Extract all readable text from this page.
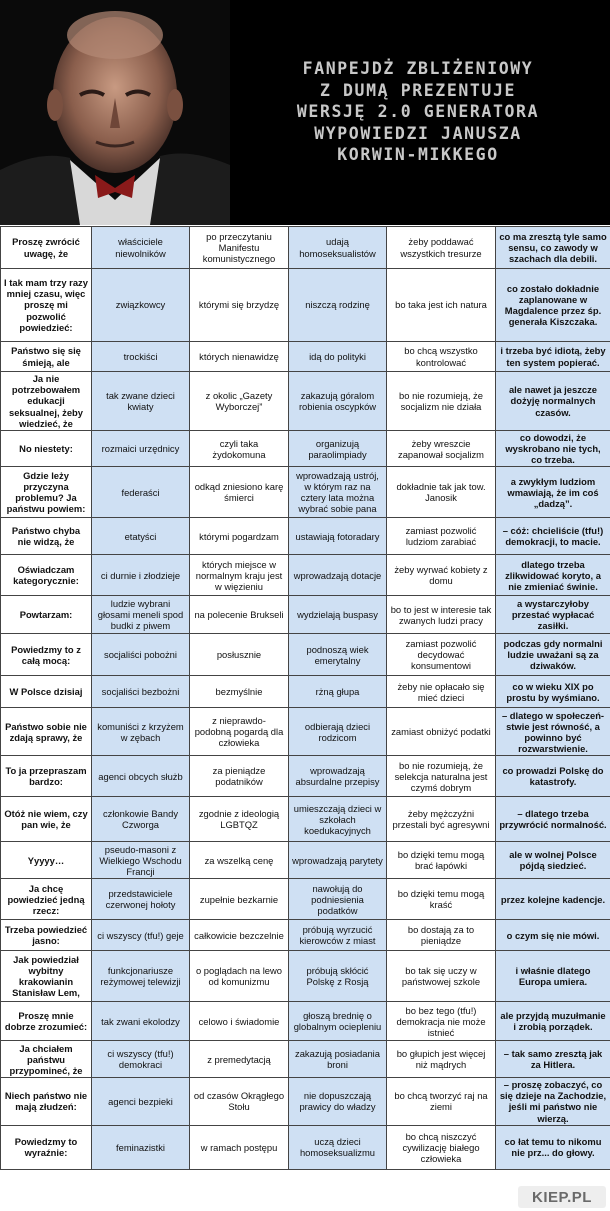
FANPEJDŻ ZBLIŻENIOWY
Z DUMĄ PREZENTUJE
WERSJĘ 2.0 GENERATORA
WYPOWIEDZI JANUSZA
KORWIN-MIKKEGO
Proszę zwrócić uwagę, że	właściciele niewolników	po przeczytaniu Manifestu komunistycznego	udają homoseksualistów	żeby poddawać wszystkich tresurze	co ma zresztą tyle samo sensu, co zawody w szachach dla debili.
I tak mam trzy razy mniej czasu, więc proszę mi pozwolić powiedzieć:	związkowcy	którymi się brzydzę	niszczą rodzinę	bo taka jest ich natura	co zostało dokładnie zaplanowane w Magdalence przez śp. generała Kiszczaka.
Państwo się się śmieją, ale	trockiści	których nienawidzę	idą do polityki	bo chcą wszystko kontrolować	i trzeba być idiotą, żeby ten system popierać.
Ja nie potrzebowałem edukacji seksualnej, żeby wiedzieć, że	tak zwane dzieci kwiaty	z okolic „Gazety Wyborczej”	zakazują góralom robienia oscypków	bo nie rozumieją, że socjalizm nie działa	ale nawet ja jeszcze dożyję normalnych czasów.
No niestety:	rozmaici urzędnicy	czyli taka żydokomuna	organizują paraolimpiady	żeby wreszcie zapanował socjalizm	co dowodzi, że wyskrobano nie tych, co trzeba.
Gdzie leży przyczyna problemu? Ja państwu powiem:	federaści	odkąd zniesiono karę śmierci	wprowadzają ustrój, w którym raz na cztery lata można wybrać sobie pana	dokładnie tak jak tow. Janosik	a zwykłym ludziom wmawiają, że im coś „dadzą”.
Państwo chyba nie widzą, że	etatyści	którymi pogardzam	ustawiają fotoradary	zamiast pozwolić ludziom zarabiać	– cóż: chcieliście (tfu!) demokracji, to macie.
Oświadczam kategorycznie:	ci durnie i złodzieje	których miejsce w normalnym kraju jest w więzieniu	wprowadzają dotacje	żeby wyrwać kobiety z domu	dlatego trzeba zlikwidować koryto, a nie zmieniać świnie.
Powtarzam:	ludzie wybrani głosami meneli spod budki z piwem	na polecenie Brukseli	wydzielają buspasy	bo to jest w interesie tak zwanych ludzi pracy	a wystarczyłoby przestać wypłacać zasiłki.
Powiedzmy to z całą mocą:	socjaliści pobożni	posłusznie	podnoszą wiek emerytalny	zamiast pozwolić decydować konsumentowi	podczas gdy normalni ludzie uważani są za dziwaków.
W Polsce dzisiaj	socjaliści bezbożni	bezmyślnie	rżną głupa	żeby nie opłacało się mieć dzieci	co w wieku XIX po prostu by wyśmiano.
Państwo sobie nie zdają sprawy, że	komuniści z krzyżem w zębach	z nieprawdo- podobną pogardą dla człowieka	odbierają dzieci rodzicom	zamiast obniżyć podatki	– dlatego w społeczeń- stwie jest równość, a powinno być rozwarstwienie.
To ja przepraszam bardzo:	agenci obcych służb	za pieniądze podatników	wprowadzają absurdalne przepisy	bo nie rozumieją, że selekcja naturalna jest czymś dobrym	co prowadzi Polskę do katastrofy.
Otóż nie wiem, czy pan wie, że	członkowie Bandy Czworga	zgodnie z ideologią LGBTQZ	umieszczają dzieci w szkołach koedukacyjnych	żeby mężczyźni przestali być agresywni	– dlatego trzeba przywrócić normalność.
Yyyyy…	pseudo-masoni z Wielkiego Wschodu Francji	za wszelką cenę	wprowadzają parytety	bo dzięki temu mogą brać łapówki	ale w wolnej Polsce pójdą siedzieć.
Ja chcę powiedzieć jedną rzecz:	przedstawiciele czerwonej hołoty	zupełnie bezkarnie	nawołują do podniesienia podatków	bo dzięki temu mogą kraść	przez kolejne kadencje.
Trzeba powiedzieć jasno:	ci wszyscy (tfu!) geje	całkowicie bezczelnie	próbują wyrzucić kierowców z miast	bo dostają za to pieniądze	o czym się nie mówi.
Jak powiedział wybitny krakowianin Stanisław Lem,	funkcjonariusze reżymowej telewizji	o poglądach na lewo od komunizmu	próbują skłócić Polskę z Rosją	bo tak się uczy w państwowej szkole	i właśnie dlatego Europa umiera.
Proszę mnie dobrze zrozumieć:	tak zwani ekolodzy	celowo i świadomie	głoszą brednię o globalnym ociepleniu	bo bez tego (tfu!) demokracja nie może istnieć	ale przyjdą muzułmanie i zrobią porządek.
Ja chciałem państwu przypomineć, że	ci wszyscy (tfu!) demokraci	z premedytacją	zakazują posiadania broni	bo głupich jest więcej niż mądrych	– tak samo zresztą jak za Hitlera.
Niech państwo nie mają złudzeń:	agenci bezpieki	od czasów Okrągłego Stołu	nie dopuszczają prawicy do władzy	bo chcą tworzyć raj na ziemi	– proszę zobaczyć, co się dzieje na Zachodzie, jeśli mi państwo nie wierzą.
Powiedzmy to wyraźnie:	feminazistki	w ramach postępu	uczą dzieci homoseksualizmu	bo chcą niszczyć cywilizację białego człowieka	co łat temu to nikomu nie prz... do głowy.
KIEP.PL
